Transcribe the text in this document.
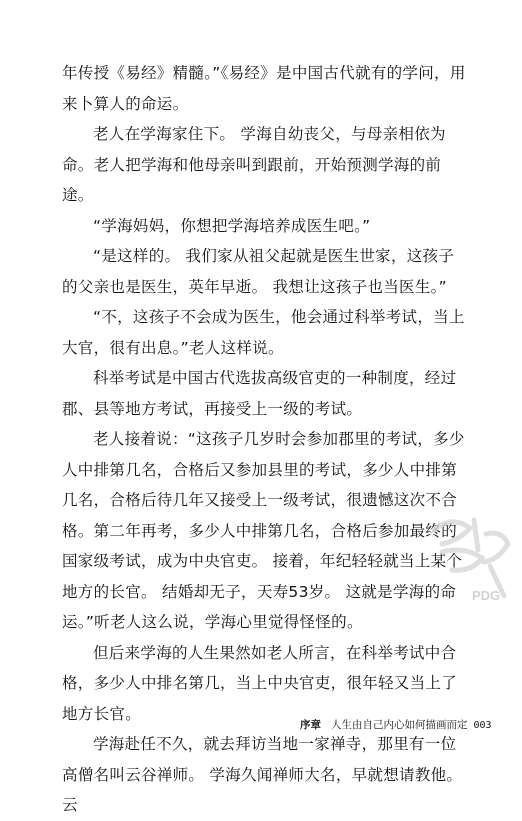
年传授《易经》精髓。”《易经》是中国古代就有的学问，用来卜算人的命运。

老人在学海家住下。 学海自幼丧父，与母亲相依为命。老人把学海和他母亲叫到跟前，开始预测学海的前途。

“学海妈妈，你想把学海培养成医生吧。”

“是这样的。 我们家从祖父起就是医生世家，这孩子的父亲也是医生，英年早逝。 我想让这孩子也当医生。”

“不，这孩子不会成为医生，他会通过科举考试，当上大官，很有出息。”老人这样说。

科举考试是中国古代选拔高级官吏的一种制度，经过郡、县等地方考试，再接受上一级的考试。

老人接着说：“这孩子几岁时会参加郡里的考试，多少人中排第几名，合格后又参加县里的考试，多少人中排第几名，合格后待几年又接受上一级考试，很遗憾这次不合格。第二年再考，多少人中排第几名，合格后参加最终的国家级考试，成为中央官吏。 接着，年纪轻轻就当上某个地方的长官。 结婚却无子，天寿53岁。 这就是学海的命运。”听老人这么说，学海心里觉得怪怪的。

但后来学海的人生果然如老人所言，在科举考试中合格，多少人中排名第几，当上中央官吏，很年轻又当上了地方长官。

学海赴任不久，就去拜访当地一家禅寺，那里有一位高僧名叫云谷禅师。 学海久闻禅师大名，早就想请教他。 云

PDG
序章 人生由自己内心如何描画而定 003
